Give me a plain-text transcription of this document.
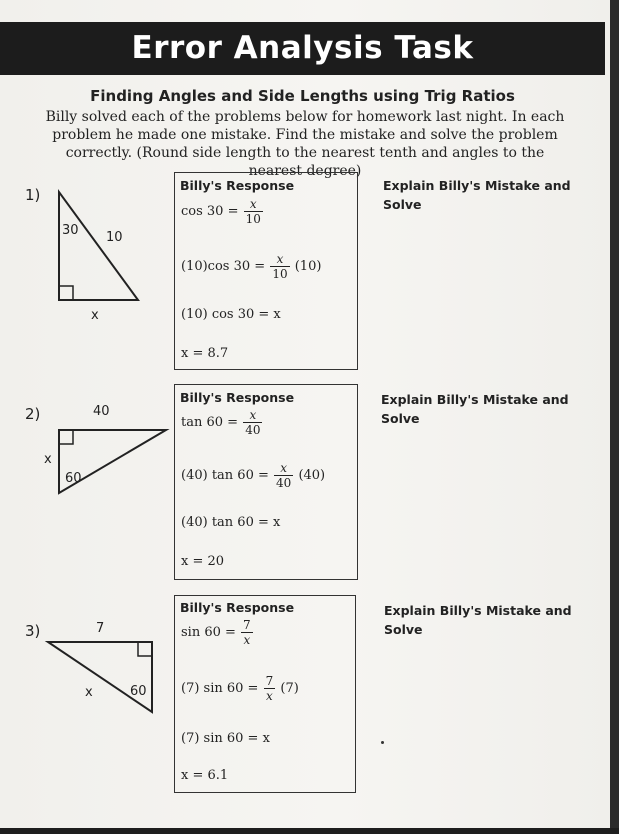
Error Analysis Task
Finding Angles and Side Lengths using Trig Ratios
Billy solved each of the problems below for homework last night. In each problem he made one mistake. Find the mistake and solve the problem correctly. (Round side length to the nearest tenth and angles to the nearest degree)
1)
30 10
x
Billy's Response
$\cos 30 = \frac{x}{10}$
(10)cos $30 = \frac{x}{10} (10)$
(10) cos 30 = x
x = 8.7
Explain Billy's Mistake and Solve
2)	40
60
x
Billy's Response
$\tan 60 = \frac{x}{40}$
(40) $\tan 60 = \frac{x}{40} (40)$
(40) tan 60 = x
x = 20
Explain Billy's Mistake and Solve
3)	7
x	60
Billy's Response
$\sin 60 = \frac{7}{x}$
(7) $\sin 60 = \frac{7}{x} (7)$
(7) sin 60 = x
x = 6.1
Explain Billy's Mistake and Solve
